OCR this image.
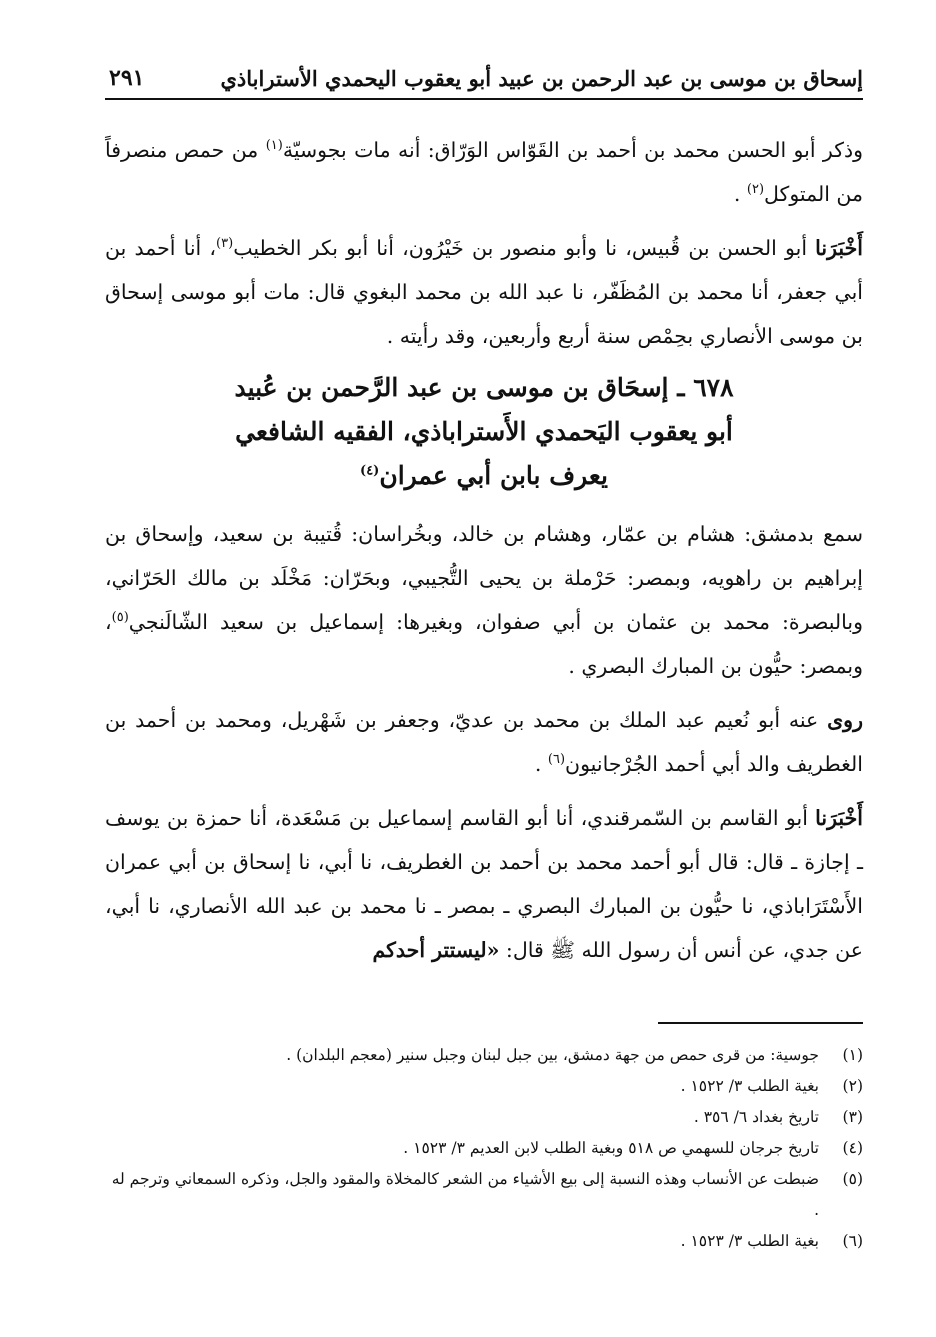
إسحاق بن موسى بن عبد الرحمن بن عبيد أبو يعقوب اليحمدي الأستراباذي
٢٩١

وذكر أبو الحسن محمد بن أحمد بن القَوّاس الوَرّاق: أنه مات بجوسيّة$^{(١)}$ من حمص منصرفاً من المتوكل$^{(٢)}$ .

أَخْبَرَنا أبو الحسن بن قُبيس، نا وأبو منصور بن خَيْرُون، أنا أبو بكر الخطيب$^{(٣)}$، أنا أحمد بن أبي جعفر، أنا محمد بن المُظَفّر، نا عبد الله بن محمد البغوي قال: مات أبو موسى إسحاق بن موسى الأنصاري بحِمْص سنة أربع وأربعين، وقد رأيته .

٦٧٨ ـ إسحَاق بن موسى بن عبد الرَّحمن بن عُبيد
أبو يعقوب اليَحمدي الأَستراباذي، الفقيه الشافعي
يعرف بابن أبي عمران$^{(٤)}$

سمع بدمشق: هشام بن عمّار، وهشام بن خالد، وبخُراسان: قُتيبة بن سعيد، وإسحاق بن إبراهيم بن راهويه، وبمصر: حَرْملة بن يحيى التُّجيبي، وبحَرّان: مَخْلَد بن مالك الحَرّاني، وبالبصرة: محمد بن عثمان بن أبي صفوان، وبغيرها: إسماعيل بن سعيد الشّالَنجي$^{(٥)}$، وبمصر: حيُّون بن المبارك البصري .

روى عنه أبو نُعيم عبد الملك بن محمد بن عديّ، وجعفر بن شَهْريل، ومحمد بن أحمد بن الغطريف والد أبي أحمد الجُرْجانيون$^{(٦)}$ .

أَخْبَرَنا أبو القاسم بن السّمرقندي، أنا أبو القاسم إسماعيل بن مَسْعَدة، أنا حمزة بن يوسف ـ إجازة ـ قال: قال أبو أحمد محمد بن أحمد بن الغطريف، نا أبي، نا إسحاق بن أبي عمران الأَسْتَرَاباذي، نا حيُّون بن المبارك البصري ـ بمصر ـ نا محمد بن عبد الله الأنصاري، نا أبي، عن جدي، عن أنس أن رسول الله ﷺ قال: «ليستتر أحدكم

(١)
جوسية: من قرى حمص من جهة دمشق، بين جبل لبنان وجبل سنير (معجم البلدان) .
(٢)
بغية الطلب ٣/ ١٥٢٢ .
(٣)
تاريخ بغداد ٦/ ٣٥٦ .
(٤)
تاريخ جرجان للسهمي ص ٥١٨ وبغية الطلب لابن العديم ٣/ ١٥٢٣ .
(٥)
ضبطت عن الأنساب وهذه النسبة إلى بيع الأشياء من الشعر كالمخلاة والمقود والجل، وذكره السمعاني وترجم له .
(٦)
بغية الطلب ٣/ ١٥٢٣ .
